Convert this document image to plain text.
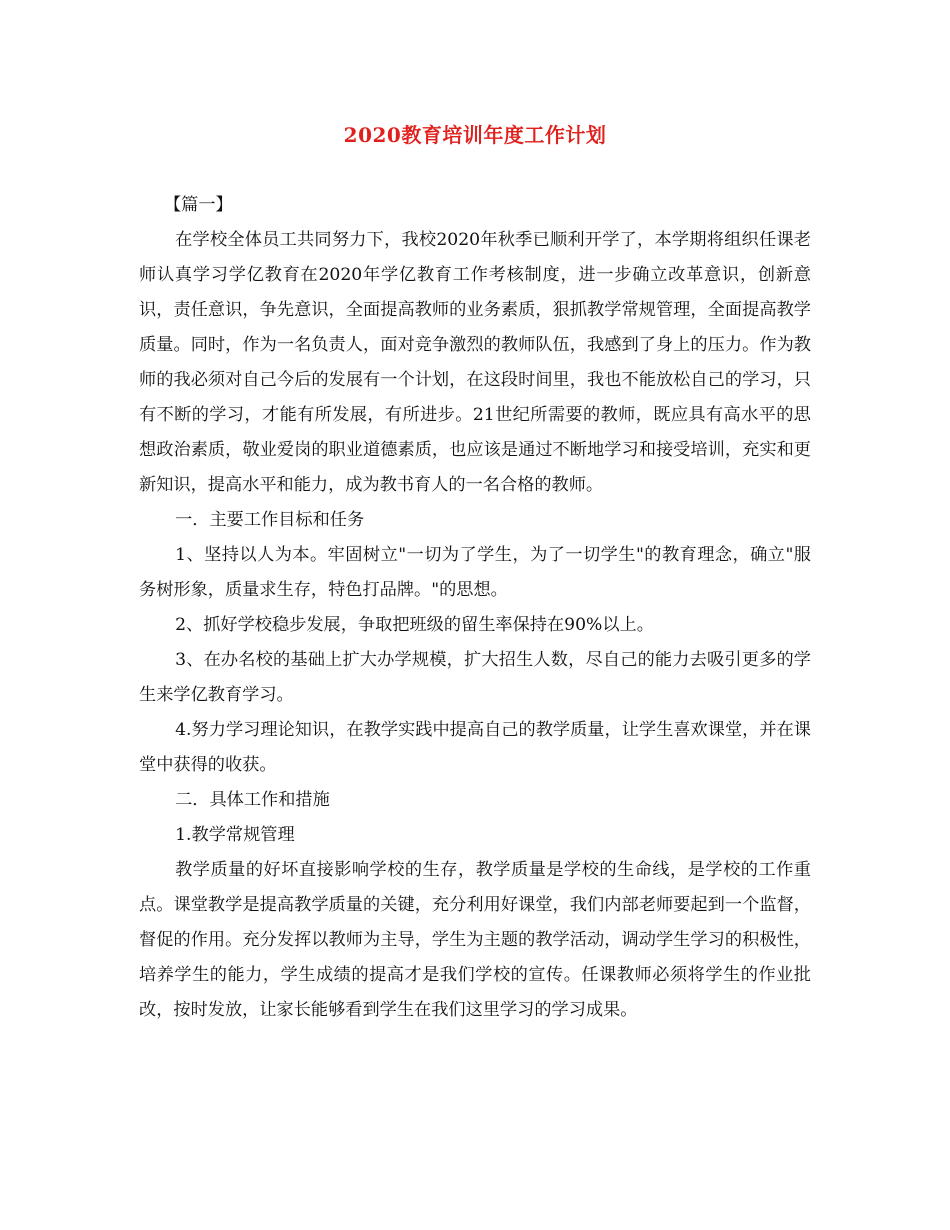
2020教育培训年度工作计划

【篇一】

在学校全体员工共同努力下，我校2020年秋季已顺利开学了，本学期将组织任课老师认真学习学亿教育在2020年学亿教育工作考核制度，进一步确立改革意识，创新意识，责任意识，争先意识，全面提高教师的业务素质，狠抓教学常规管理，全面提高教学质量。同时，作为一名负责人，面对竞争激烈的教师队伍，我感到了身上的压力。作为教师的我必须对自己今后的发展有一个计划，在这段时间里，我也不能放松自己的学习，只有不断的学习，才能有所发展，有所进步。21世纪所需要的教师，既应具有高水平的思想政治素质，敬业爱岗的职业道德素质，也应该是通过不断地学习和接受培训，充实和更新知识，提高水平和能力，成为教书育人的一名合格的教师。

一．主要工作目标和任务

1、坚持以人为本。牢固树立"一切为了学生，为了一切学生"的教育理念，确立"服务树形象，质量求生存，特色打品牌。"的思想。

2、抓好学校稳步发展，争取把班级的留生率保持在90%以上。

3、在办名校的基础上扩大办学规模，扩大招生人数，尽自己的能力去吸引更多的学生来学亿教育学习。

4.努力学习理论知识，在教学实践中提高自己的教学质量，让学生喜欢课堂，并在课堂中获得的收获。

二．具体工作和措施

1.教学常规管理

教学质量的好坏直接影响学校的生存，教学质量是学校的生命线，是学校的工作重点。课堂教学是提高教学质量的关键，充分利用好课堂，我们内部老师要起到一个监督，督促的作用。充分发挥以教师为主导，学生为主题的教学活动，调动学生学习的积极性，培养学生的能力，学生成绩的提高才是我们学校的宣传。任课教师必须将学生的作业批改，按时发放，让家长能够看到学生在我们这里学习的学习成果。
